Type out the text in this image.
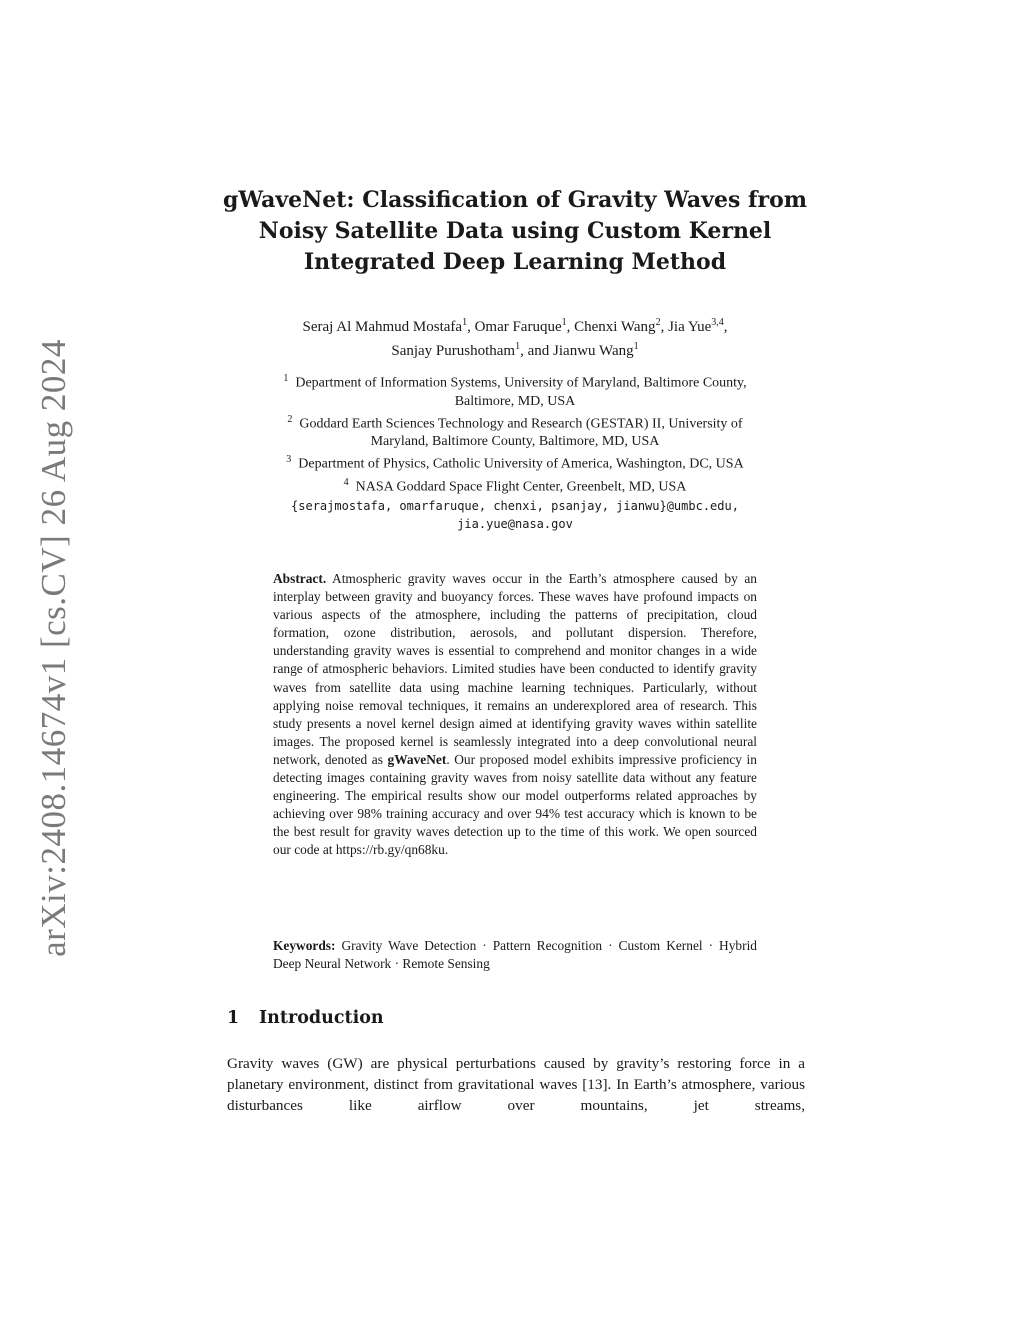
arXiv:2408.14674v1 [cs.CV] 26 Aug 2024
gWaveNet: Classification of Gravity Waves from
Noisy Satellite Data using Custom Kernel
Integrated Deep Learning Method
Seraj Al Mahmud Mostafa$^1$, Omar Faruque$^1$, Chenxi Wang$^2$, Jia Yue$^{3,4}$,
Sanjay Purushotham$^1$, and Jianwu Wang$^1$
$^1$ Department of Information Systems, University of Maryland, Baltimore County,
Baltimore, MD, USA
$^2$ Goddard Earth Sciences Technology and Research (GESTAR) II, University of
Maryland, Baltimore County, Baltimore, MD, USA
$^3$ Department of Physics, Catholic University of America, Washington, DC, USA
$^4$ NASA Goddard Space Flight Center, Greenbelt, MD, USA
{serajmostafa, omarfaruque, chenxi, psanjay, jianwu}@umbc.edu,
jia.yue@nasa.gov

Abstract. Atmospheric gravity waves occur in the Earth’s atmosphere caused by an interplay between gravity and buoyancy forces. These waves have profound impacts on various aspects of the atmosphere, including the patterns of precipitation, cloud formation, ozone distribution, aerosols, and pollutant dispersion. Therefore, understanding gravity waves is essential to comprehend and monitor changes in a wide range of atmospheric behaviors. Limited studies have been conducted to identify gravity waves from satellite data using machine learning techniques. Particularly, without applying noise removal techniques, it remains an underexplored area of research. This study presents a novel kernel design aimed at identifying gravity waves within satellite images. The proposed kernel is seamlessly integrated into a deep convolutional neural network, denoted as gWaveNet. Our proposed model exhibits impressive proficiency in detecting images containing gravity waves from noisy satellite data without any feature engineering. The empirical results show our model outperforms related approaches by achieving over 98% training accuracy and over 94% test accuracy which is known to be the best result for gravity waves detection up to the time of this work. We open sourced our code at https://rb.gy/qn68ku.

Keywords: Gravity Wave Detection · Pattern Recognition · Custom Kernel · Hybrid Deep Neural Network · Remote Sensing

1 Introduction

Gravity waves (GW) are physical perturbations caused by gravity’s restoring force in a planetary environment, distinct from gravitational waves [13]. In Earth’s atmosphere, various disturbances like airflow over mountains, jet streams,
